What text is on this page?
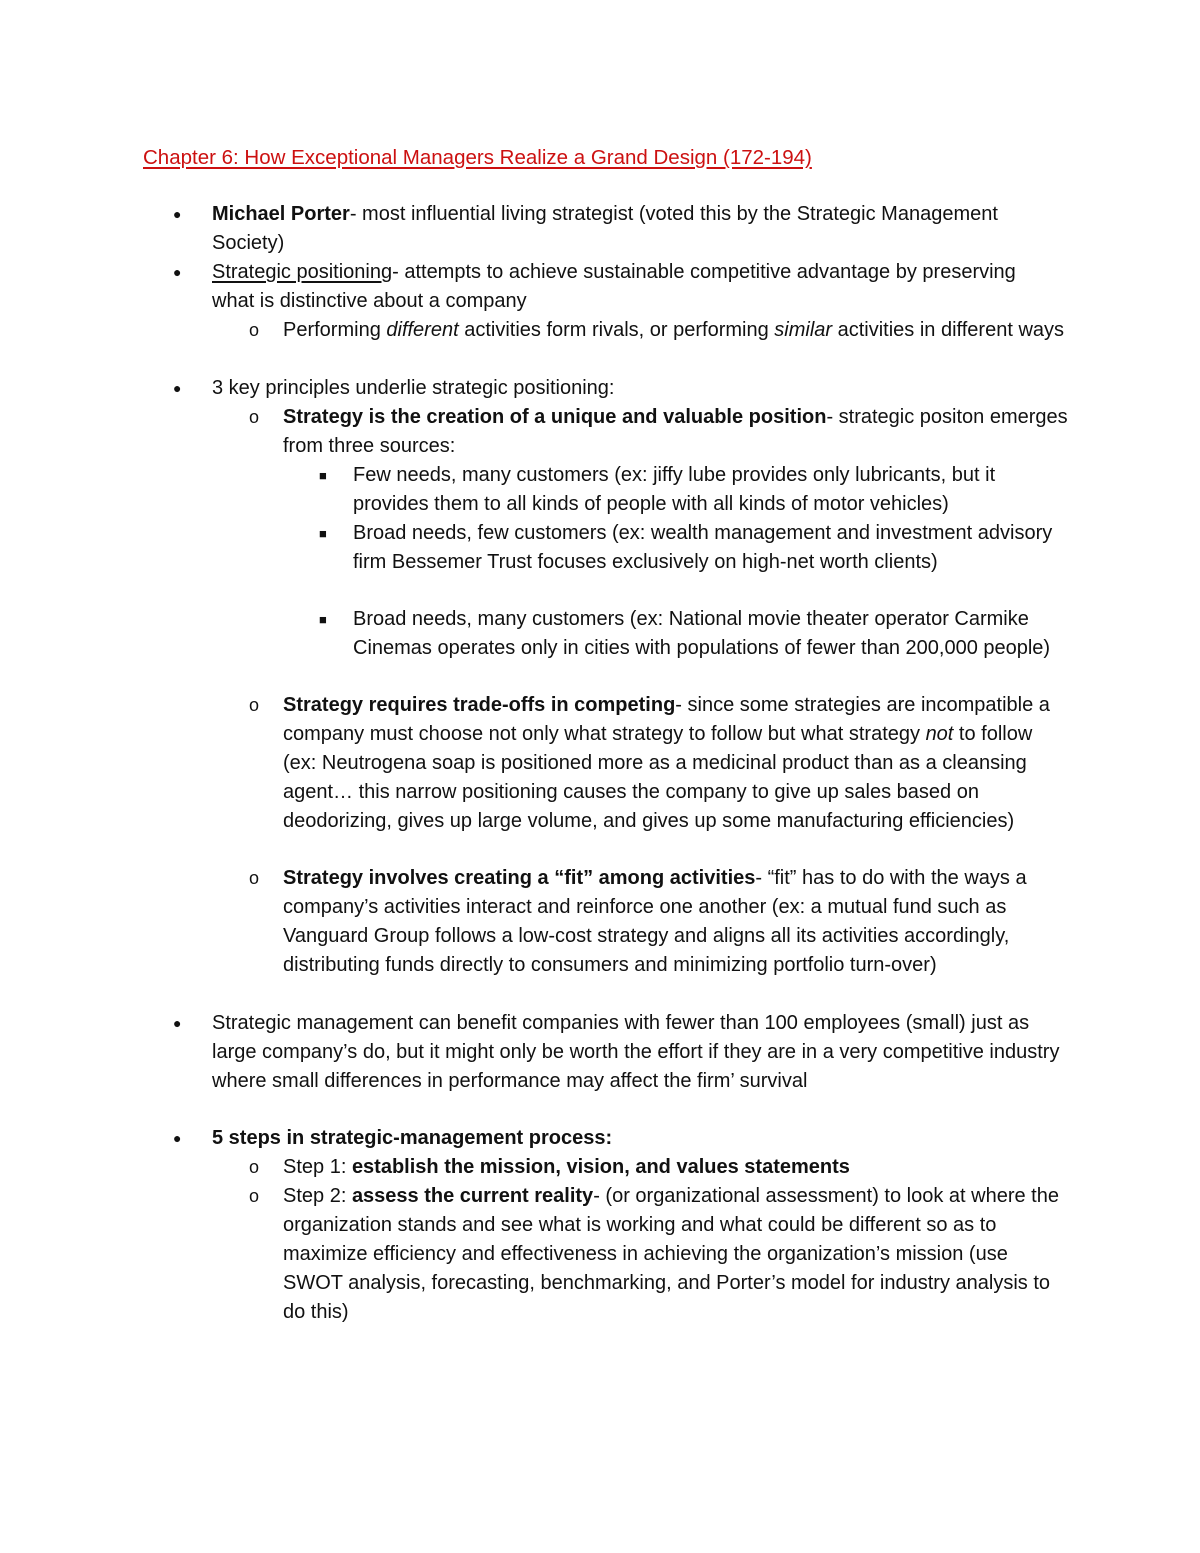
Chapter 6: How Exceptional Managers Realize a Grand Design (172-194)
● Michael Porter- most influential living strategist (voted this by the Strategic Management Society)
● Strategic positioning- attempts to achieve sustainable competitive advantage by preserving what is distinctive about a company
o Performing different activities form rivals, or performing similar activities in different ways
● 3 key principles underlie strategic positioning:
o Strategy is the creation of a unique and valuable position- strategic positon emerges from three sources:
■ Few needs, many customers (ex: jiffy lube provides only lubricants, but it provides them to all kinds of people with all kinds of motor vehicles)
■ Broad needs, few customers (ex: wealth management and investment advisory firm Bessemer Trust focuses exclusively on high-net worth clients)
■ Broad needs, many customers (ex: National movie theater operator Carmike Cinemas operates only in cities with populations of fewer than 200,000 people)
o Strategy requires trade-offs in competing- since some strategies are incompatible a company must choose not only what strategy to follow but what strategy not to follow (ex: Neutrogena soap is positioned more as a medicinal product than as a cleansing agent… this narrow positioning causes the company to give up sales based on deodorizing, gives up large volume, and gives up some manufacturing efficiencies)
o Strategy involves creating a “fit” among activities- “fit” has to do with the ways a company’s activities interact and reinforce one another (ex: a mutual fund such as Vanguard Group follows a low-cost strategy and aligns all its activities accordingly, distributing funds directly to consumers and minimizing portfolio turn-over)
● Strategic management can benefit companies with fewer than 100 employees (small) just as large company’s do, but it might only be worth the effort if they are in a very competitive industry where small differences in performance may affect the firm’ survival
● 5 steps in strategic-management process:
o Step 1: establish the mission, vision, and values statements
o Step 2: assess the current reality- (or organizational assessment) to look at where the organization stands and see what is working and what could be different so as to maximize efficiency and effectiveness in achieving the organization’s mission (use SWOT analysis, forecasting, benchmarking, and Porter’s model for industry analysis to do this)
